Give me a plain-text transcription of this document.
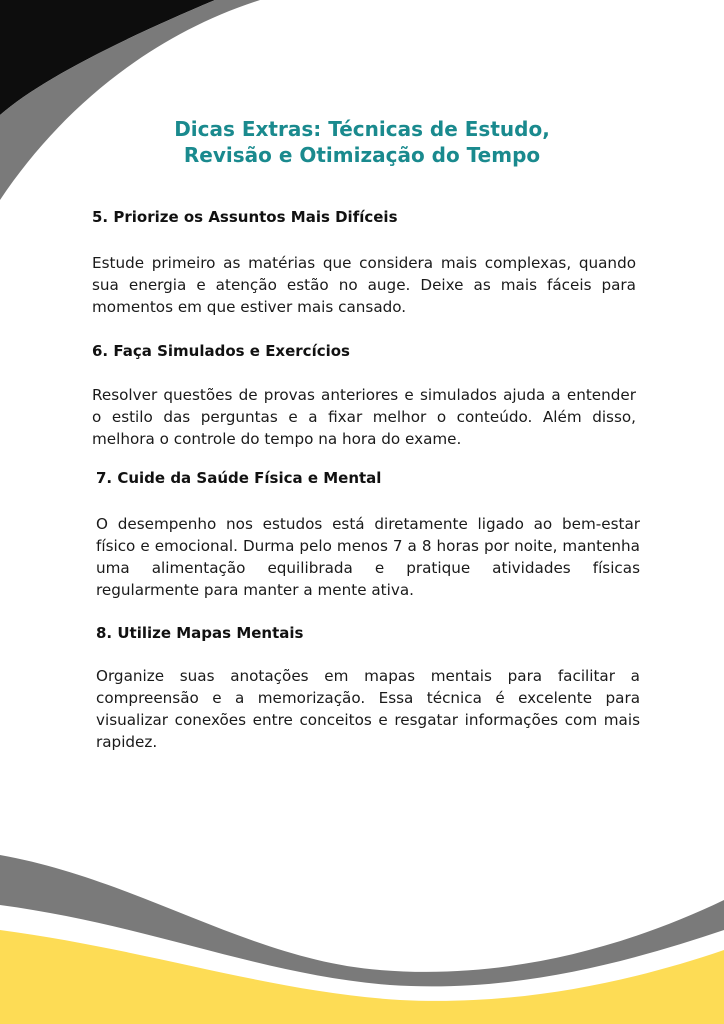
Dicas Extras: Técnicas de Estudo,
Revisão e Otimização do Tempo
5. Priorize os Assuntos Mais Difíceis
Estude primeiro as matérias que considera mais complexas, quando sua energia e atenção estão no auge. Deixe as mais fáceis para momentos em que estiver mais cansado.
6. Faça Simulados e Exercícios
Resolver questões de provas anteriores e simulados ajuda a entender o estilo das perguntas e a fixar melhor o conteúdo. Além disso, melhora o controle do tempo na hora do exame.
7. Cuide da Saúde Física e Mental
O desempenho nos estudos está diretamente ligado ao bem-estar físico e emocional. Durma pelo menos 7 a 8 horas por noite, mantenha uma alimentação equilibrada e pratique atividades físicas regularmente para manter a mente ativa.
8. Utilize Mapas Mentais
Organize suas anotações em mapas mentais para facilitar a compreensão e a memorização. Essa técnica é excelente para visualizar conexões entre conceitos e resgatar informações com mais rapidez.
